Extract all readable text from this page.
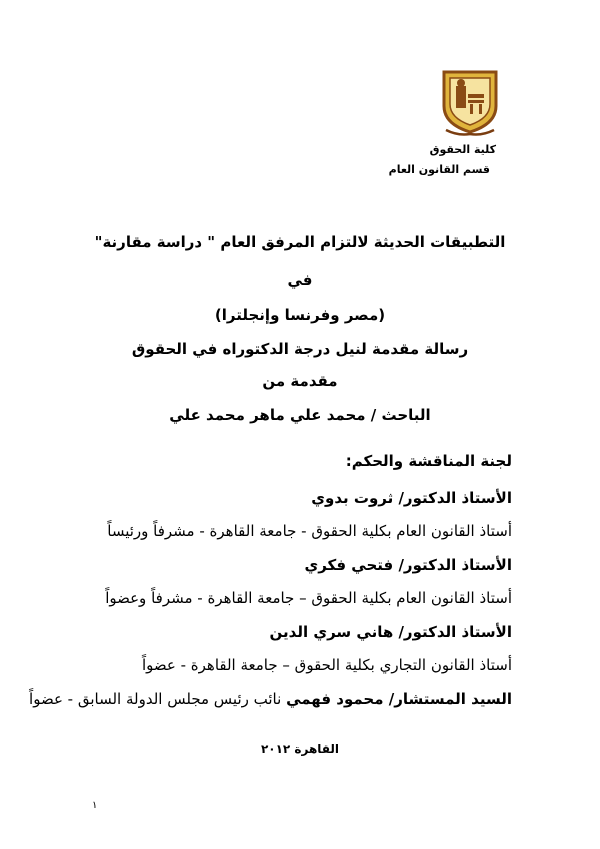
كلية الحقوق
قسم القانون العام
التطبيقات الحديثة لالتزام المرفق العام " دراسة مقارنة"
في
(مصر وفرنسا وإنجلترا)
رسالة مقدمة لنيل درجة الدكتوراه في الحقوق
مقدمة من
الباحث / محمد علي ماهر محمد علي
لجنة المناقشة والحكم:
الأستاذ الدكتور/ ثروت بدوي
أستاذ القانون العام بكلية الحقوق - جامعة القاهرة - مشرفاً ورئيساً
الأستاذ الدكتور/ فتحي فكري
أستاذ القانون العام بكلية الحقوق – جامعة القاهرة - مشرفاً وعضواً
الأستاذ الدكتور/ هاني سري الدين
أستاذ القانون التجاري بكلية الحقوق – جامعة القاهرة - عضواً
السيد المستشار/ محمود فهمي نائب رئيس مجلس الدولة السابق - عضواً
القاهرة ٢٠١٢
١
